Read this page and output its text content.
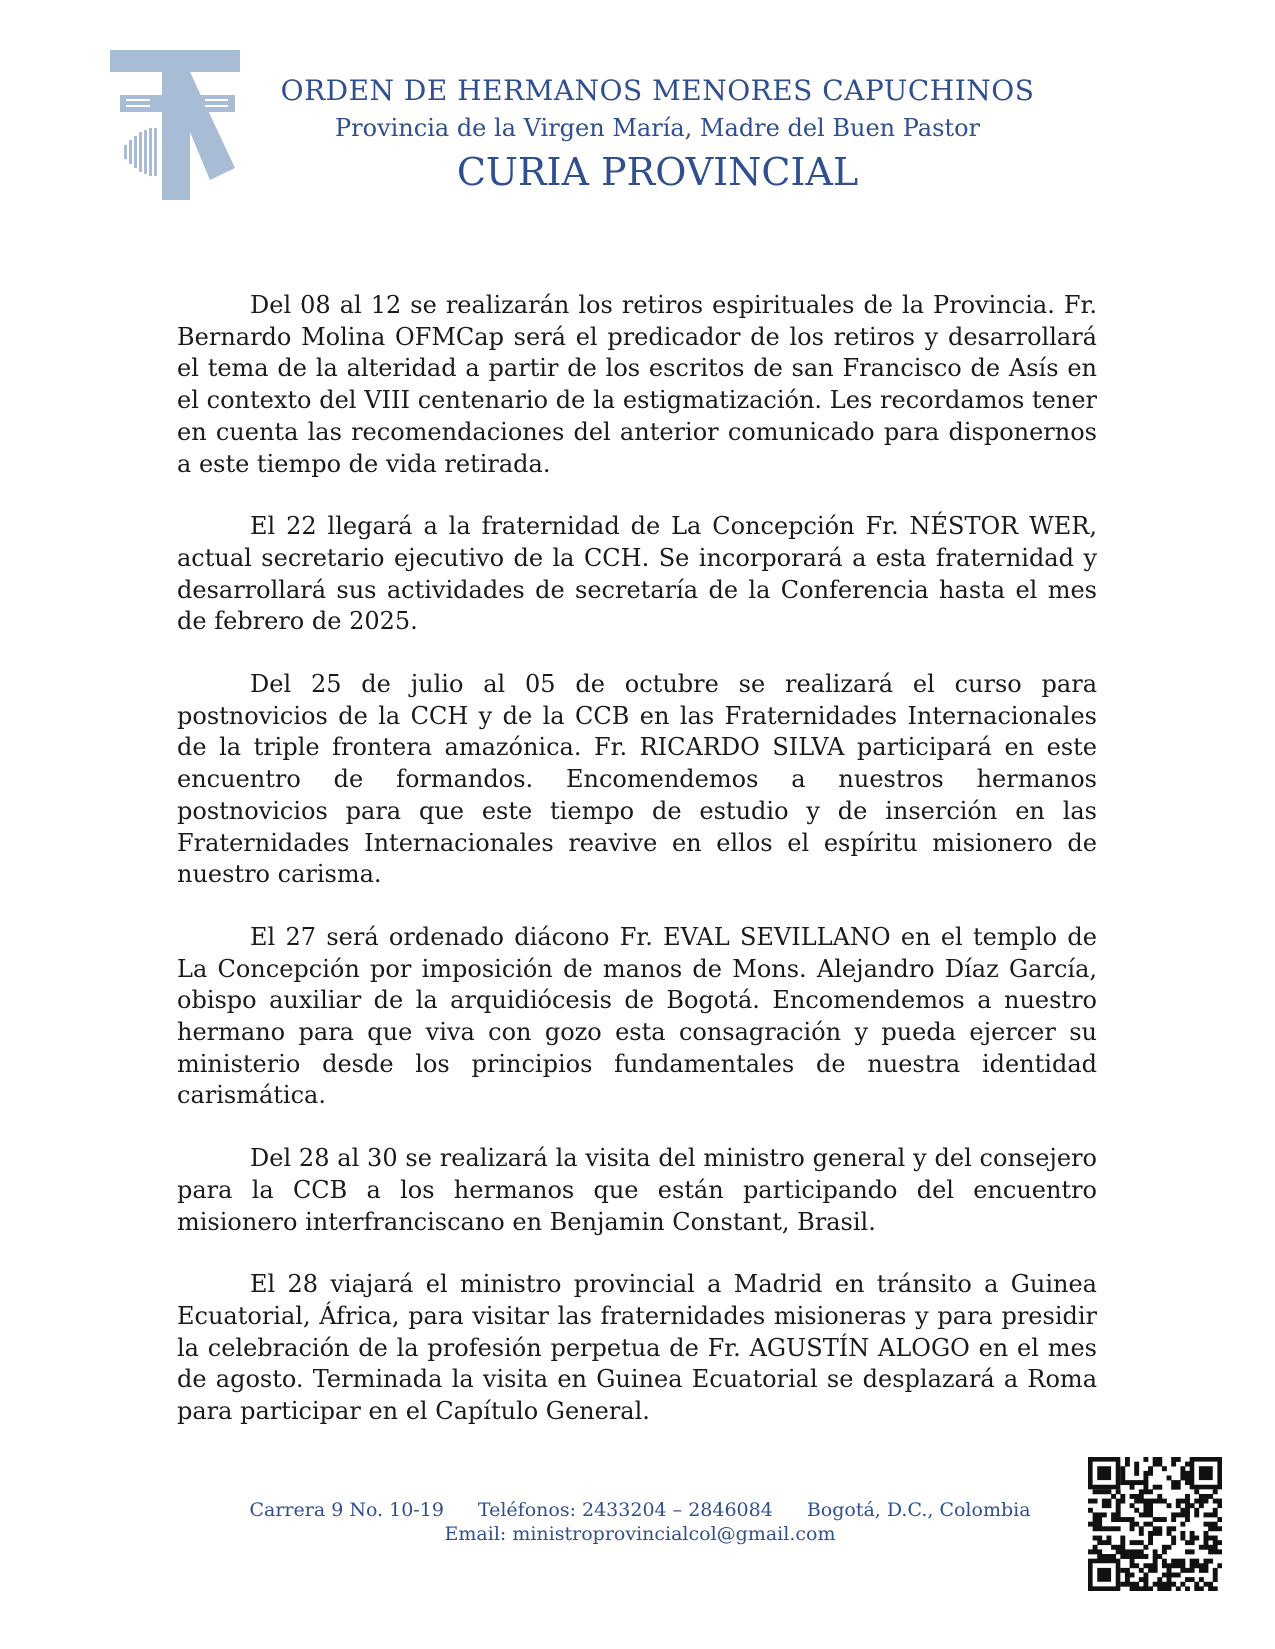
ORDEN DE HERMANOS MENORES CAPUCHINOS
Provincia de la Virgen María, Madre del Buen Pastor
CURIA PROVINCIAL

Del 08 al 12 se realizarán los retiros espirituales de la Provincia. Fr. Bernardo Molina OFMCap será el predicador de los retiros y desarrollará el tema de la alteridad a partir de los escritos de san Francisco de Asís en el contexto del VIII centenario de la estigmatización. Les recordamos tener en cuenta las recomendaciones del anterior comunicado para disponernos a este tiempo de vida retirada.

El 22 llegará a la fraternidad de La Concepción Fr. NÉSTOR WER, actual secretario ejecutivo de la CCH. Se incorporará a esta fraternidad y desarrollará sus actividades de secretaría de la Conferencia hasta el mes de febrero de 2025.

Del 25 de julio al 05 de octubre se realizará el curso para postnovicios de la CCH y de la CCB en las Fraternidades Internacionales de la triple frontera amazónica. Fr. RICARDO SILVA participará en este encuentro de formandos. Encomendemos a nuestros hermanos postnovicios para que este tiempo de estudio y de inserción en las Fraternidades Internacionales reavive en ellos el espíritu misionero de nuestro carisma.

El 27 será ordenado diácono Fr. EVAL SEVILLANO en el templo de La Concepción por imposición de manos de Mons. Alejandro Díaz García, obispo auxiliar de la arquidiócesis de Bogotá. Encomendemos a nuestro hermano para que viva con gozo esta consagración y pueda ejercer su ministerio desde los principios fundamentales de nuestra identidad carismática.

Del 28 al 30 se realizará la visita del ministro general y del consejero para la CCB a los hermanos que están participando del encuentro misionero interfranciscano en Benjamin Constant, Brasil.

El 28 viajará el ministro provincial a Madrid en tránsito a Guinea Ecuatorial, África, para visitar las fraternidades misioneras y para presidir la celebración de la profesión perpetua de Fr. AGUSTÍN ALOGO en el mes de agosto. Terminada la visita en Guinea Ecuatorial se desplazará a Roma para participar en el Capítulo General.

Carrera 9 No. 10-19 Teléfonos: 2433204 – 2846084 Bogotá, D.C., Colombia
Email: ministroprovincialcol@gmail.com
